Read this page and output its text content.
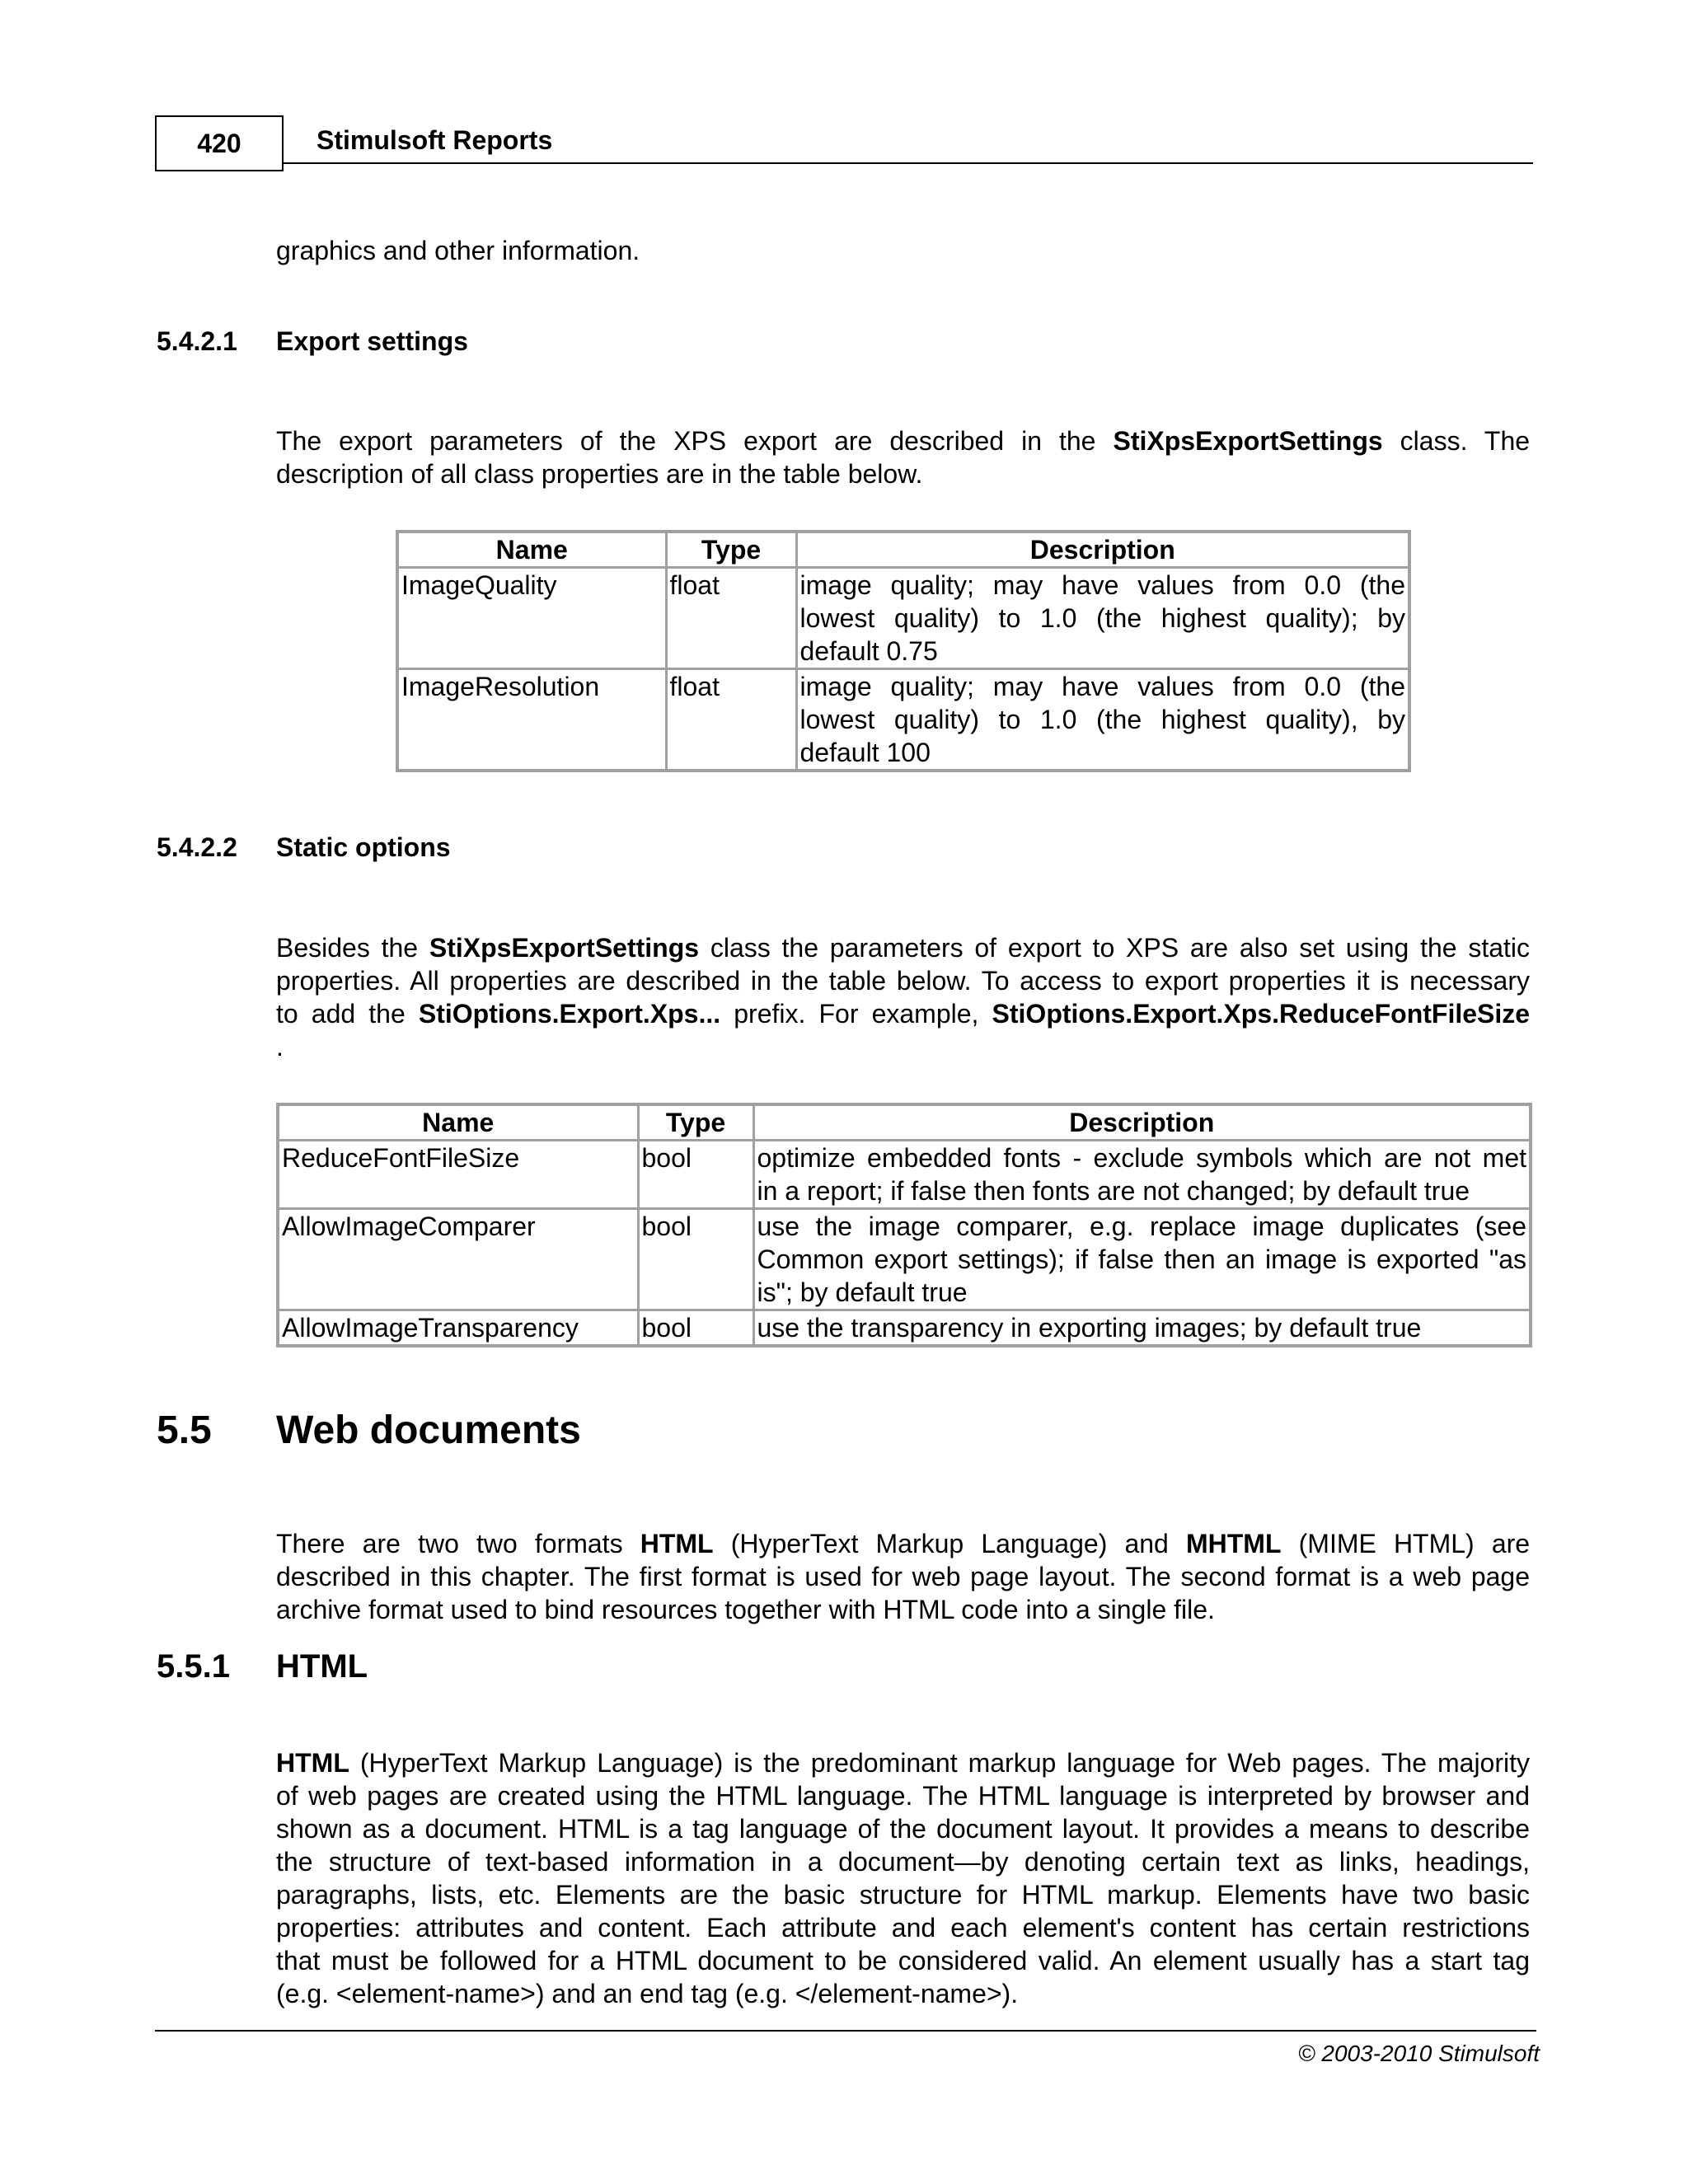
420	Stimulsoft Reports
graphics and other information.
5.4.2.1 Export settings
The export parameters of the XPS export are described in the StiXpsExportSettings class. The
description of all class properties are in the table below.
Name	Type	Description
ImageQuality	float	image quality; may have values from 0.0 (the
lowest quality) to 1.0 (the highest quality); by
default 0.75
ImageResolution	float	image quality; may have values from 0.0 (the
lowest quality) to 1.0 (the highest quality), by
default 100
5.4.2.2 Static options
Besides the StiXpsExportSettings class the parameters of export to XPS are also set using the static
properties. All properties are described in the table below. To access to export properties it is necessary
to add the StiOptions.Export.Xps... prefix. For example, StiOptions.Export.Xps.ReduceFontFileSize
.
Name	Type	Description
ReduceFontFileSize	bool	optimize embedded fonts - exclude symbols which are not met
in a report; if false then fonts are not changed; by default true
AllowImageComparer	bool	use the image comparer, e.g. replace image duplicates (see
Common export settings); if false then an image is exported "as
is"; by default true
AllowImageTransparency	bool	use the transparency in exporting images; by default true
5.5 Web documents
There are two two formats HTML (HyperText Markup Language) and MHTML (MIME HTML) are
described in this chapter. The first format is used for web page layout. The second format is a web page
archive format used to bind resources together with HTML code into a single file.
5.5.1 HTML
HTML (HyperText Markup Language) is the predominant markup language for Web pages. The majority
of web pages are created using the HTML language. The HTML language is interpreted by browser and
shown as a document. HTML is a tag language of the document layout. It provides a means to describe
the structure of text-based information in a document—by denoting certain text as links, headings,
paragraphs, lists, etc. Elements are the basic structure for HTML markup. Elements have two basic
properties: attributes and content. Each attribute and each element's content has certain restrictions
that must be followed for a HTML document to be considered valid. An element usually has a start tag
(e.g. <element-name>) and an end tag (e.g. </element-name>).
© 2003-2010 Stimulsoft
